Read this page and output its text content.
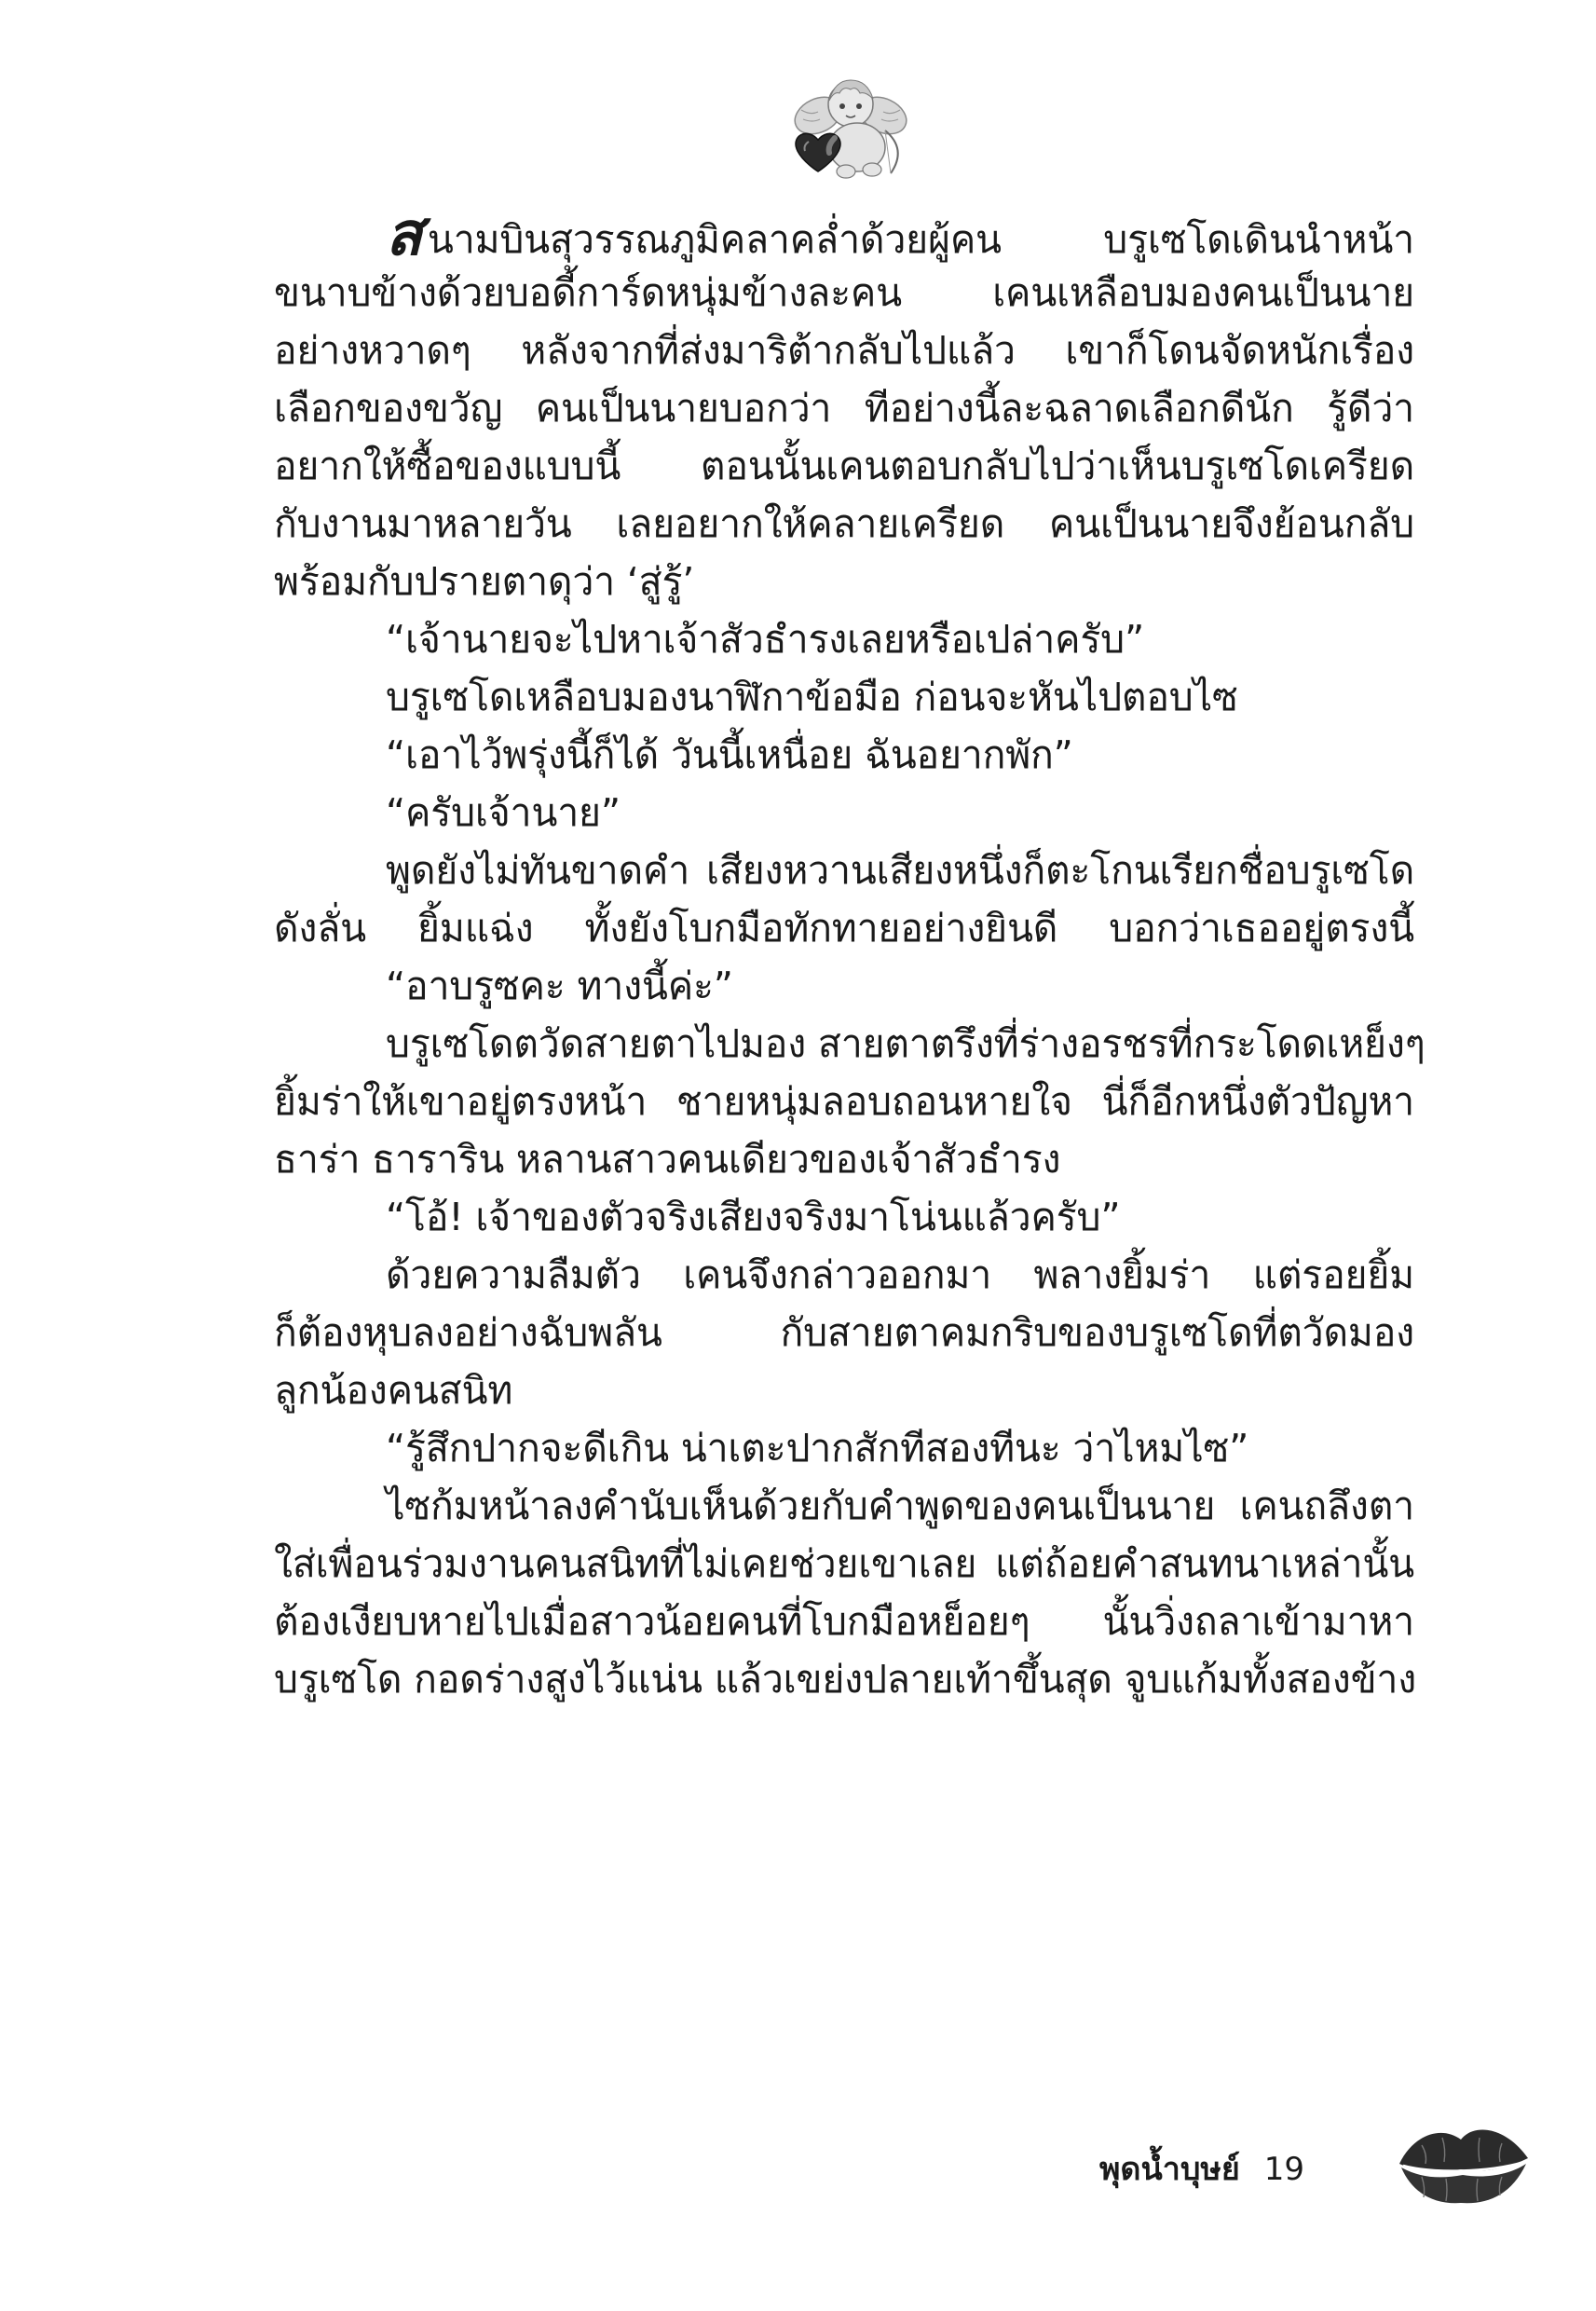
สนามบินสุวรรณภูมิคลาคล่ำด้วยผู้คน บรูเซโดเดินนำหน้า
ขนาบข้างด้วยบอดี้การ์ดหนุ่มข้างละคน เคนเหลือบมองคนเป็นนาย
อย่างหวาดๆ หลังจากที่ส่งมาริต้ากลับไปแล้ว เขาก็โดนจัดหนักเรื่อง
เลือกของขวัญ คนเป็นนายบอกว่า ทีอย่างนี้ละฉลาดเลือกดีนัก รู้ดีว่า
อยากให้ซื้อของแบบนี้ ตอนนั้นเคนตอบกลับไปว่าเห็นบรูเซโดเครียด
กับงานมาหลายวัน เลยอยากให้คลายเครียด คนเป็นนายจึงย้อนกลับ
พร้อมกับปรายตาดุว่า ‘สู่รู้’
“เจ้านายจะไปหาเจ้าสัวธำรงเลยหรือเปล่าครับ”
บรูเซโดเหลือบมองนาฬิกาข้อมือ ก่อนจะหันไปตอบไซ
“เอาไว้พรุ่งนี้ก็ได้ วันนี้เหนื่อย ฉันอยากพัก”
“ครับเจ้านาย”
พูดยังไม่ทันขาดคำ เสียงหวานเสียงหนึ่งก็ตะโกนเรียกชื่อบรูเซโด
ดังลั่น ยิ้มแฉ่ง ทั้งยังโบกมือทักทายอย่างยินดี บอกว่าเธออยู่ตรงนี้
“อาบรูซคะ ทางนี้ค่ะ”
บรูเซโดตวัดสายตาไปมอง สายตาตรึงที่ร่างอรชรที่กระโดดเหย็งๆ
ยิ้มร่าให้เขาอยู่ตรงหน้า ชายหนุ่มลอบถอนหายใจ นี่ก็อีกหนึ่งตัวปัญหา
ธาร่า ธาราริน หลานสาวคนเดียวของเจ้าสัวธำรง
“โอ้! เจ้าของตัวจริงเสียงจริงมาโน่นแล้วครับ”
ด้วยความลืมตัว เคนจึงกล่าวออกมา พลางยิ้มร่า แต่รอยยิ้ม
ก็ต้องหุบลงอย่างฉับพลัน กับสายตาคมกริบของบรูเซโดที่ตวัดมอง
ลูกน้องคนสนิท
“รู้สึกปากจะดีเกิน น่าเตะปากสักทีสองทีนะ ว่าไหมไซ”
ไซก้มหน้าลงคำนับเห็นด้วยกับคำพูดของคนเป็นนาย เคนถลึงตา
ใส่เพื่อนร่วมงานคนสนิทที่ไม่เคยช่วยเขาเลย แต่ถ้อยคำสนทนาเหล่านั้น
ต้องเงียบหายไปเมื่อสาวน้อยคนที่โบกมือหย็อยๆ นั้นวิ่งถลาเข้ามาหา
บรูเซโด กอดร่างสูงไว้แน่น แล้วเขย่งปลายเท้าขึ้นสุด จูบแก้มทั้งสองข้าง
พุดน้ำบุษย์ 19
